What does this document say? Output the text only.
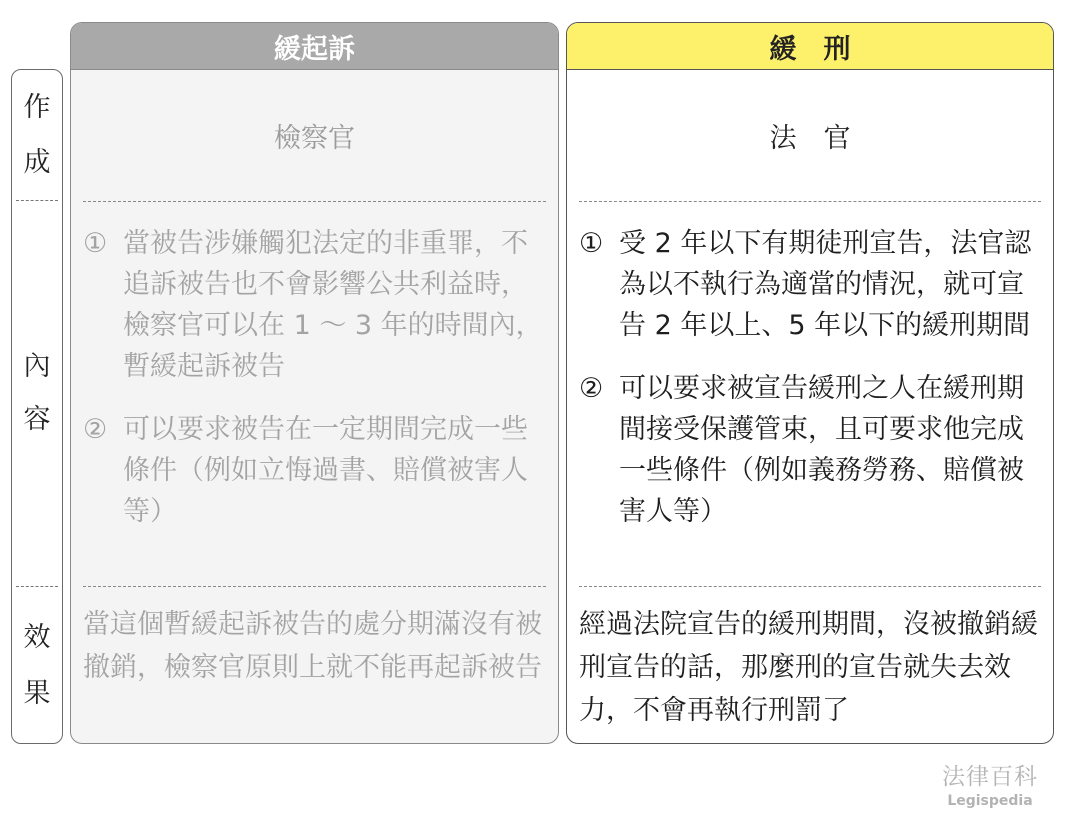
作
成
內
容
效
果
緩起訴
檢察官
① 當被告涉嫌觸犯法定的非重罪，不追訴被告也不會影響公共利益時，檢察官可以在 1 ～ 3 年的時間內，暫緩起訴被告
② 可以要求被告在一定期間完成一些條件（例如立悔過書、賠償被害人等）
當這個暫緩起訴被告的處分期滿沒有被撤銷，檢察官原則上就不能再起訴被告
緩　刑
法　官
① 受 2 年以下有期徒刑宣告，法官認為以不執行為適當的情況，就可宣告 2 年以上、5 年以下的緩刑期間
② 可以要求被宣告緩刑之人在緩刑期間接受保護管束，且可要求他完成一些條件（例如義務勞務、賠償被害人等）
經過法院宣告的緩刑期間，沒被撤銷緩刑宣告的話，那麼刑的宣告就失去效力，不會再執行刑罰了
法律百科
Legispedia
